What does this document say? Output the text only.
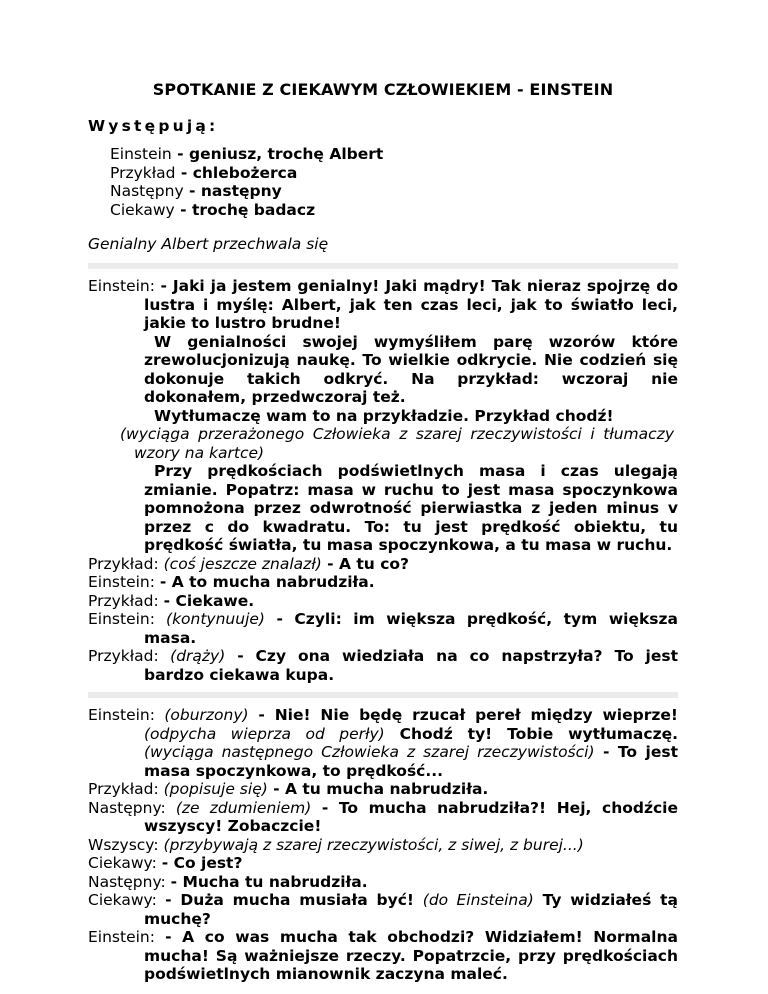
SPOTKANIE Z CIEKAWYM CZŁOWIEKIEM - EINSTEIN
Występują:
Einstein - geniusz, trochę Albert
Przykład - chlebożerca
Następny - następny
Ciekawy - trochę badacz
Genialny Albert przechwala się

Einstein: - Jaki ja jestem genialny! Jaki mądry! Tak nieraz spojrzę do lustra i myślę: Albert, jak ten czas leci, jak to światło leci, jakie to lustro brudne!

W genialności swojej wymyśliłem parę wzorów które zrewolucjonizują naukę. To wielkie odkrycie. Nie codzień się dokonuje takich odkryć. Na przykład: wczoraj nie dokonałem, przedwczoraj też.

Wytłumaczę wam to na przykładzie. Przykład chodź!

(wyciąga przerażonego Człowieka z szarej rzeczywistości i tłumaczy wzory na kartce)

Przy prędkościach podświetlnych masa i czas ulegają zmianie. Popatrz: masa w ruchu to jest masa spoczynkowa pomnożona przez odwrotność pierwiastka z jeden minus v przez c do kwadratu. To: tu jest prędkość obiektu, tu prędkość światła, tu masa spoczynkowa, a tu masa w ruchu.

Przykład: (coś jeszcze znalazł) - A tu co?

Einstein: - A to mucha nabrudziła.

Przykład: - Ciekawe.

Einstein: (kontynuuje) - Czyli: im większa prędkość, tym większa masa.

Przykład: (drąży) - Czy ona wiedziała na co napstrzyła? To jest bardzo ciekawa kupa.

Einstein: (oburzony) - Nie! Nie będę rzucał pereł między wieprze! (odpycha wieprza od perły) Chodź ty! Tobie wytłumaczę. (wyciąga następnego Człowieka z szarej rzeczywistości) - To jest masa spoczynkowa, to prędkość...

Przykład: (popisuje się) - A tu mucha nabrudziła.

Następny: (ze zdumieniem) - To mucha nabrudziła?! Hej, chodźcie wszyscy! Zobaczcie!

Wszyscy: (przybywają z szarej rzeczywistości, z siwej, z burej...)

Ciekawy: - Co jest?

Następny: - Mucha tu nabrudziła.

Ciekawy: - Duża mucha musiała być! (do Einsteina) Ty widziałeś tą muchę?

Einstein: - A co was mucha tak obchodzi? Widziałem! Normalna mucha! Są ważniejsze rzeczy. Popatrzcie, przy prędkościach podświetlnych mianownik zaczyna maleć.
